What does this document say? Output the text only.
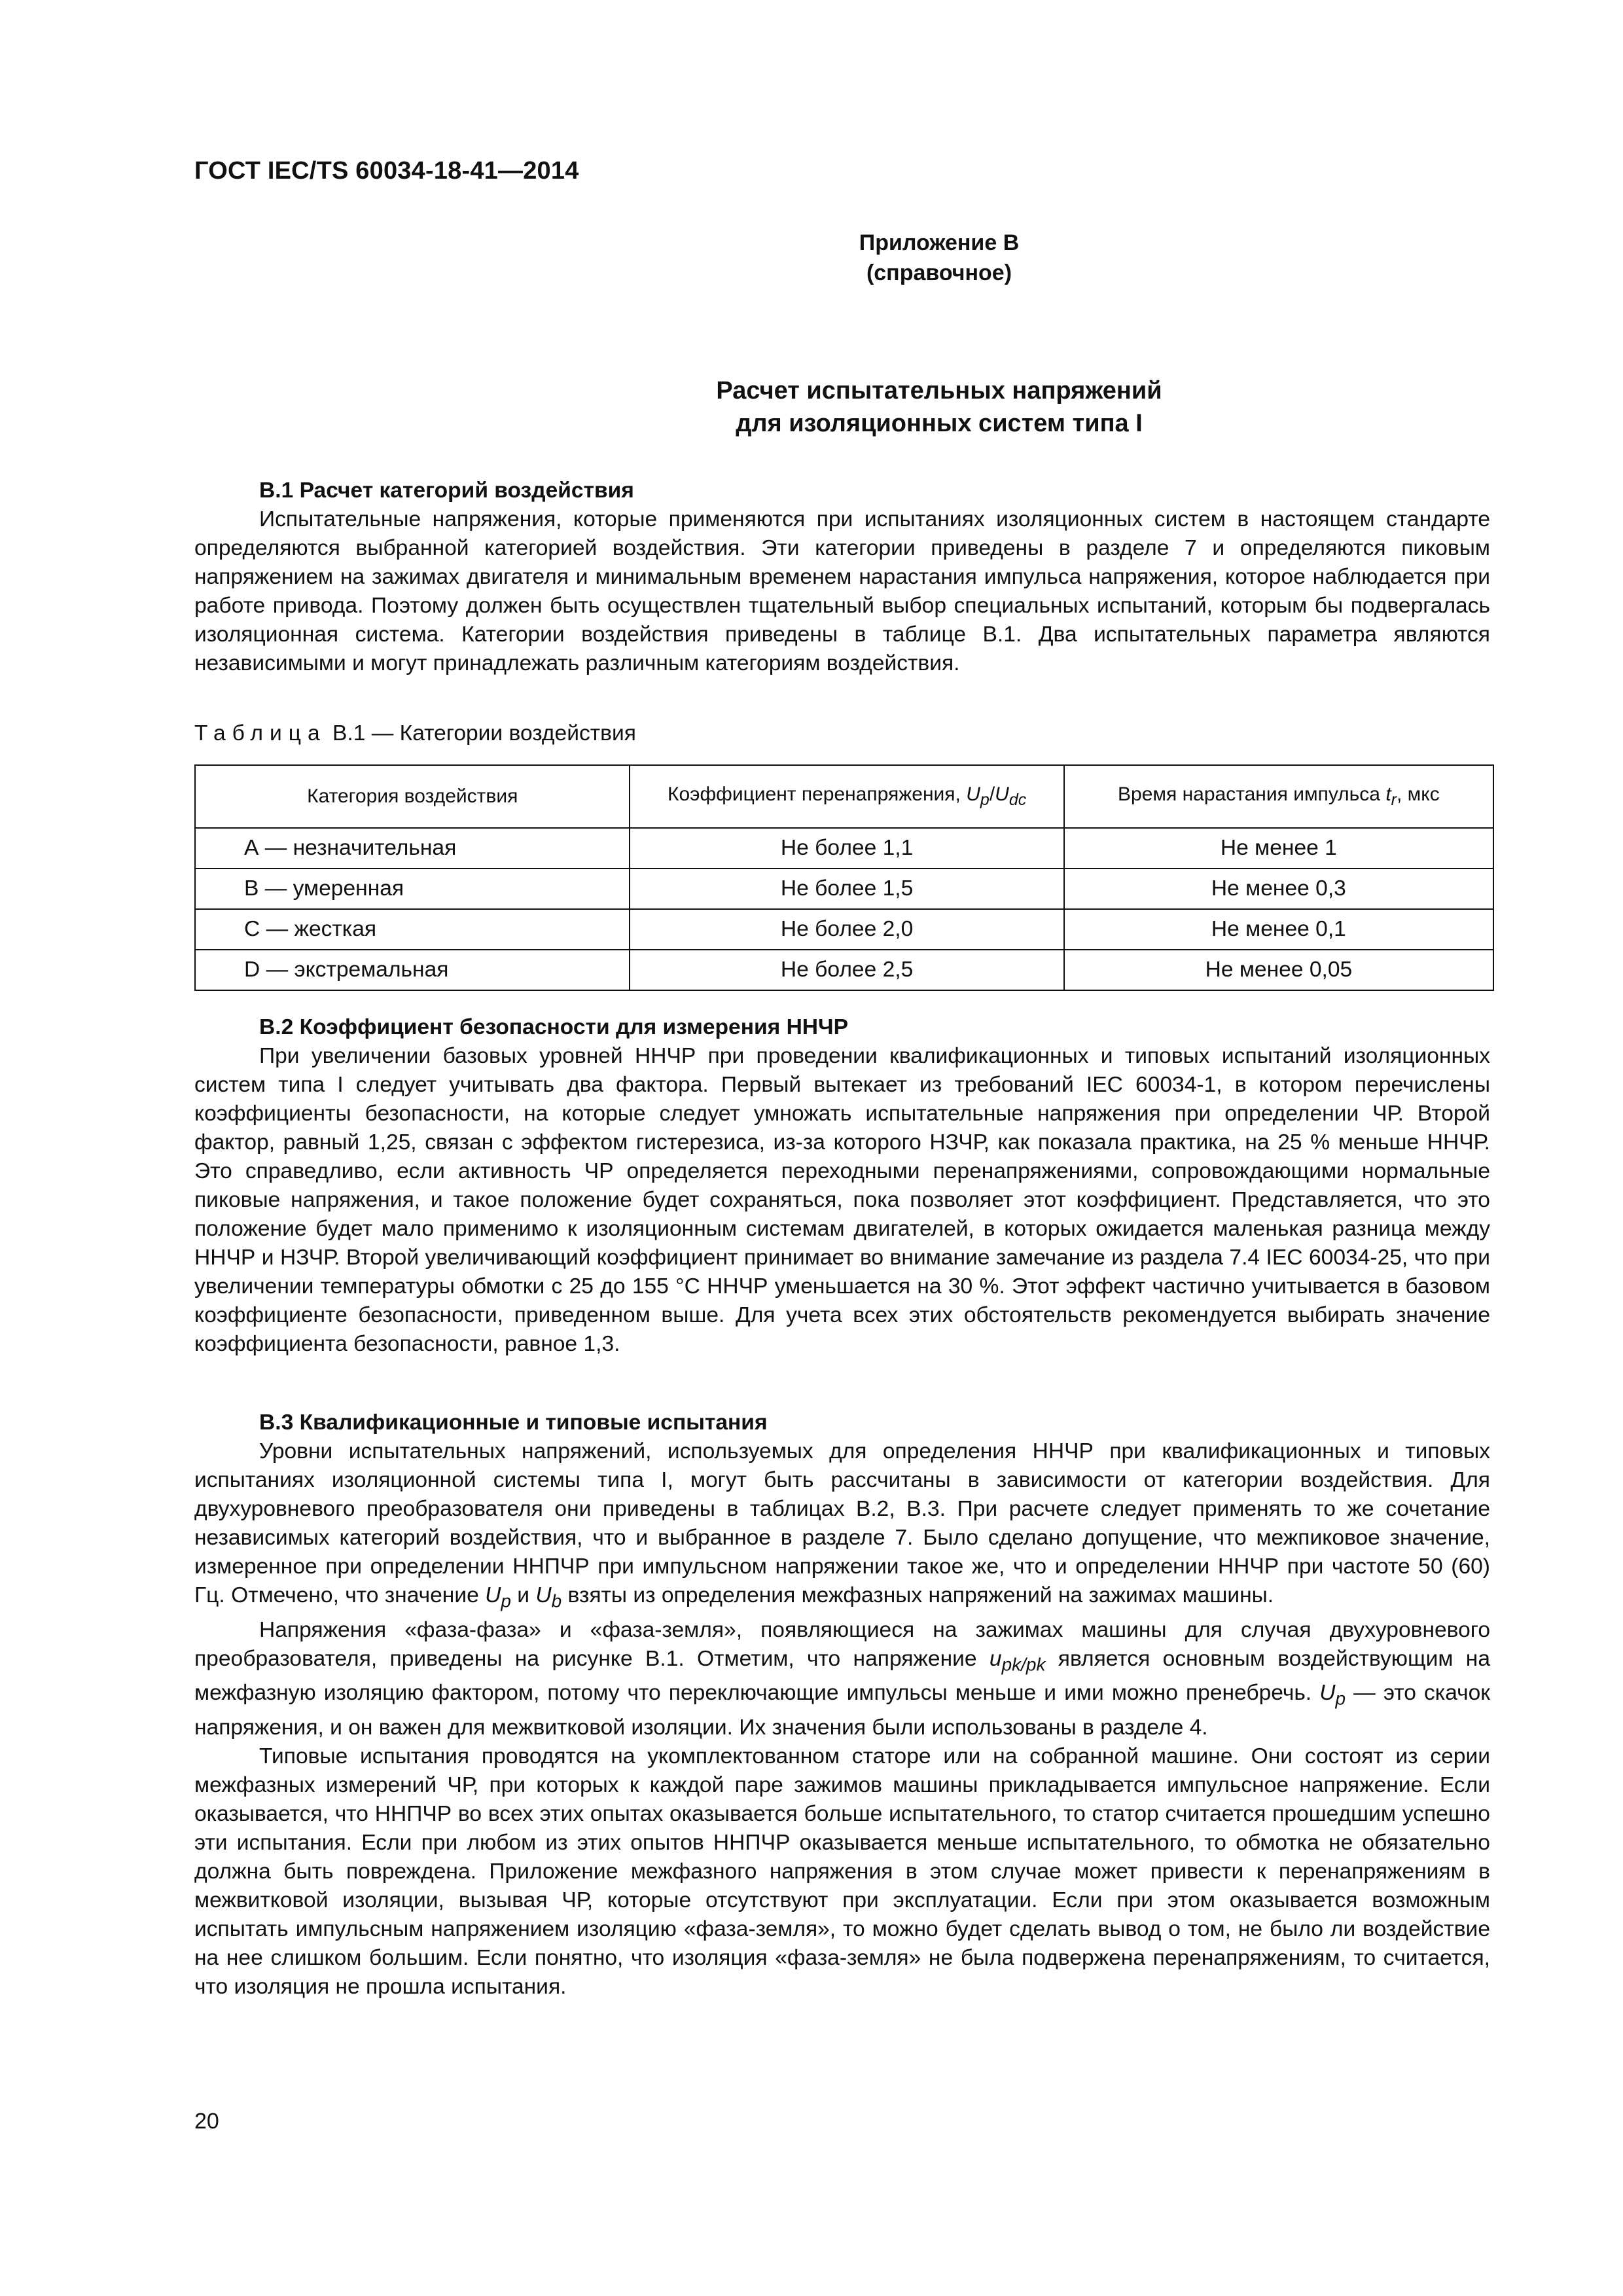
ГОСТ IEC/TS 60034-18-41—2014
Приложение В
(справочное)
Расчет испытательных напряжений
для изоляционных систем типа I
В.1 Расчет категорий воздействия

Испытательные напряжения, которые применяются при испытаниях изоляционных систем в настоящем стандарте определяются выбранной категорией воздействия. Эти категории приведены в разделе 7 и определяются пиковым напряжением на зажимах двигателя и минимальным временем нарастания импульса напряжения, которое наблюдается при работе привода. Поэтому должен быть осуществлен тщательный выбор специальных испытаний, которым бы подвергалась изоляционная система. Категории воздействия приведены в таблице В.1. Два испытательных параметра являются независимыми и могут принадлежать различным категориям воздействия.

Таблица В.1 — Категории воздействия
Категория воздействия	Коэффициент перенапряжения, $U_p/U_{dc}$	Время нарастания импульса $t_r$, мкс
А — незначительная	Не более 1,1	Не менее 1
В — умеренная	Не более 1,5	Не менее 0,3
С — жесткая	Не более 2,0	Не менее 0,1
D — экстремальная	Не более 2,5	Не менее 0,05
В.2 Коэффициент безопасности для измерения ННЧР

При увеличении базовых уровней ННЧР при проведении квалификационных и типовых испытаний изоляционных систем типа I следует учитывать два фактора. Первый вытекает из требований IEC 60034-1, в котором перечислены коэффициенты безопасности, на которые следует умножать испытательные напряжения при определении ЧР. Второй фактор, равный 1,25, связан с эффектом гистерезиса, из-за которого НЗЧР, как показала практика, на 25 % меньше ННЧР. Это справедливо, если активность ЧР определяется переходными перенапряжениями, сопровождающими нормальные пиковые напряжения, и такое положение будет сохраняться, пока позволяет этот коэффициент. Представляется, что это положение будет мало применимо к изоляционным системам двигателей, в которых ожидается маленькая разница между ННЧР и НЗЧР. Второй увеличивающий коэффициент принимает во внимание замечание из раздела 7.4 IEC 60034-25, что при увеличении температуры обмотки с 25 до 155 °С ННЧР уменьшается на 30 %. Этот эффект частично учитывается в базовом коэффициенте безопасности, приведенном выше. Для учета всех этих обстоятельств рекомендуется выбирать значение коэффициента безопасности, равное 1,3.

В.3 Квалификационные и типовые испытания

Уровни испытательных напряжений, используемых для определения ННЧР при квалификационных и типовых испытаниях изоляционной системы типа I, могут быть рассчитаны в зависимости от категории воздействия. Для двухуровневого преобразователя они приведены в таблицах В.2, В.3. При расчете следует применять то же сочетание независимых категорий воздействия, что и выбранное в разделе 7. Было сделано допущение, что межпиковое значение, измеренное при определении ННПЧР при импульсном напряжении такое же, что и определении ННЧР при частоте 50 (60) Гц. Отмечено, что значение $U_p$ и $U_b$ взяты из определения межфазных напряжений на зажимах машины.

Напряжения «фаза-фаза» и «фаза-земля», появляющиеся на зажимах машины для случая двухуровневого преобразователя, приведены на рисунке В.1. Отметим, что напряжение $u_{pk/pk}$ является основным воздействующим на межфазную изоляцию фактором, потому что переключающие импульсы меньше и ими можно пренебречь. $U_p$ — это скачок напряжения, и он важен для межвитковой изоляции. Их значения были использованы в разделе 4.

Типовые испытания проводятся на укомплектованном статоре или на собранной машине. Они состоят из серии межфазных измерений ЧР, при которых к каждой паре зажимов машины прикладывается импульсное напряжение. Если оказывается, что ННПЧР во всех этих опытах оказывается больше испытательного, то статор считается прошедшим успешно эти испытания. Если при любом из этих опытов ННПЧР оказывается меньше испытательного, то обмотка не обязательно должна быть повреждена. Приложение межфазного напряжения в этом случае может привести к перенапряжениям в межвитковой изоляции, вызывая ЧР, которые отсутствуют при эксплуатации. Если при этом оказывается возможным испытать импульсным напряжением изоляцию «фаза-земля», то можно будет сделать вывод о том, не было ли воздействие на нее слишком большим. Если понятно, что изоляция «фаза-земля» не была подвержена перенапряжениям, то считается, что изоляция не прошла испытания.

20
